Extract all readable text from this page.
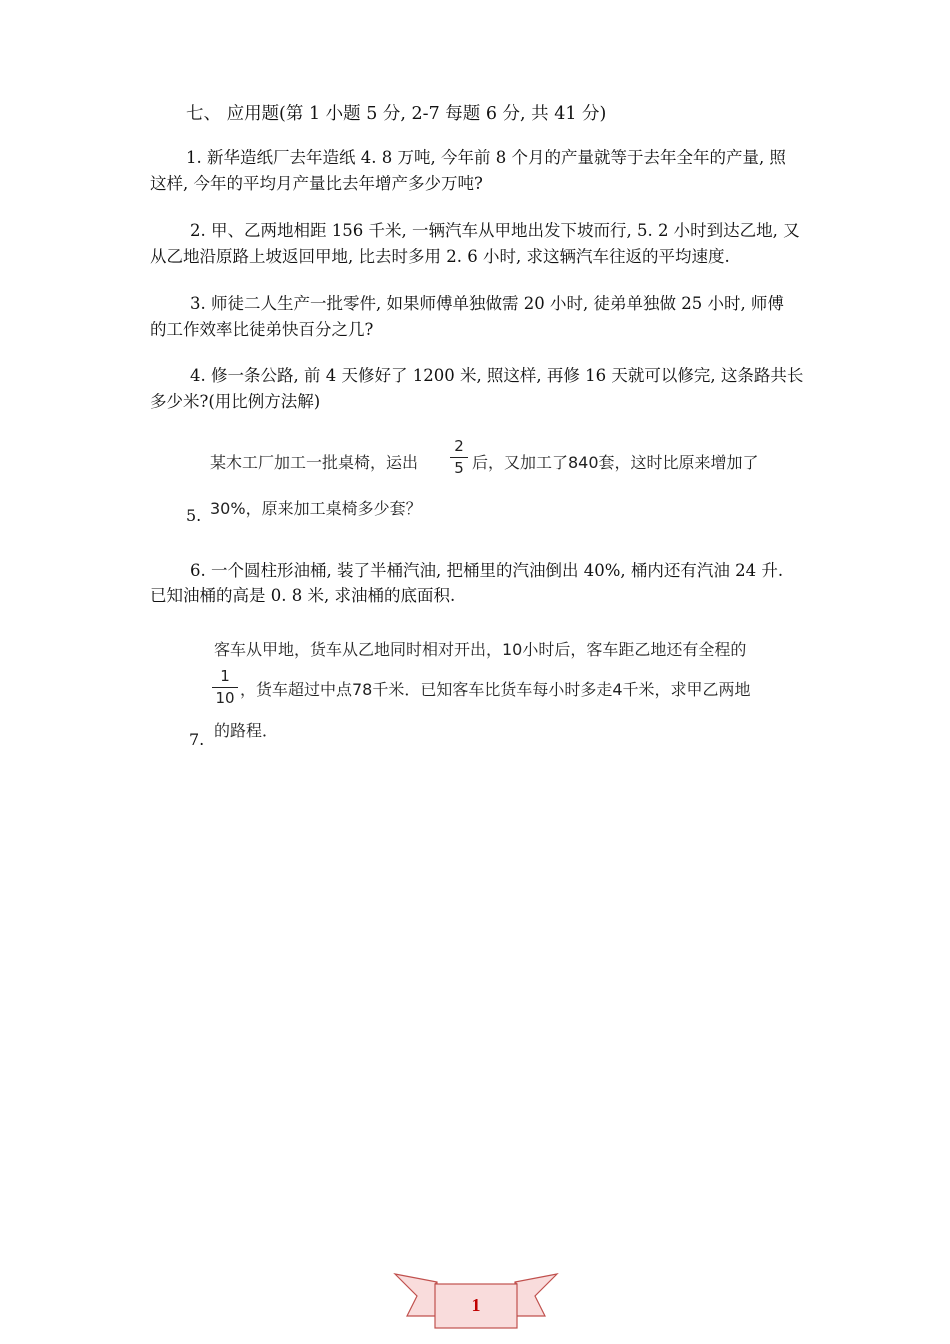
七、 应用题(第 1 小题 5 分, 2-7 每题 6 分, 共 41 分)
1. 新华造纸厂去年造纸 4. 8 万吨, 今年前 8 个月的产量就等于去年全年的产量, 照
这样, 今年的平均月产量比去年增产多少万吨?
2. 甲、乙两地相距 156 千米, 一辆汽车从甲地出发下坡而行, 5. 2 小时到达乙地, 又
从乙地沿原路上坡返回甲地, 比去时多用 2. 6 小时, 求这辆汽车往返的平均速度.
3. 师徒二人生产一批零件, 如果师傅单独做需 20 小时, 徒弟单独做 25 小时, 师傅
的工作效率比徒弟快百分之几?
4. 修一条公路, 前 4 天修好了 1200 米, 照这样, 再修 16 天就可以修完, 这条路共长
多少米?(用比例方法解)
某木工厂加工一批桌椅，运出
2
5 后，又加工了840套，这时比原来增加了
30%，原来加工桌椅多少套？
5.
6. 一个圆柱形油桶, 装了半桶汽油, 把桶里的汽油倒出 40%, 桶内还有汽油 24 升.
已知油桶的高是 0. 8 米, 求油桶的底面积.
客车从甲地，货车从乙地同时相对开出，10小时后，客车距乙地还有全程的
1
10 ，货车超过中点78千米．已知客车比货车每小时多走4千米，求甲乙两地
的路程．
7.
1
